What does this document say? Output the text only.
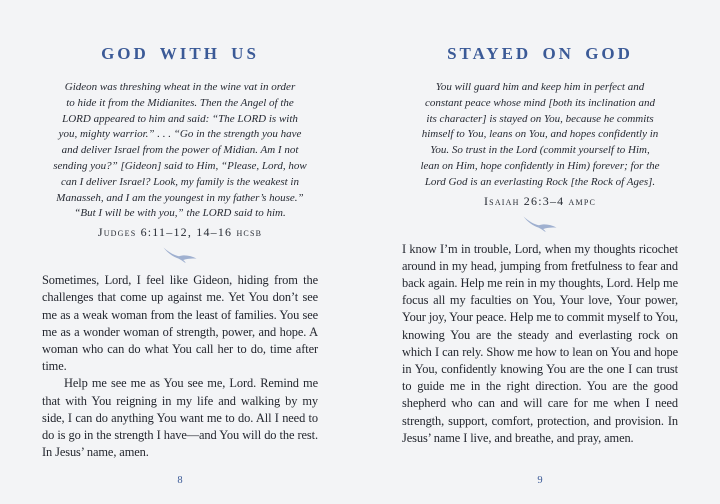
GOD WITH US
Gideon was threshing wheat in the wine vat in order
to hide it from the Midianites. Then the Angel of the
LORD appeared to him and said: “The LORD is with
you, mighty warrior.” . . . “Go in the strength you have
and deliver Israel from the power of Midian. Am I not
sending you?” [Gideon] said to Him, “Please, Lord, how
can I deliver Israel? Look, my family is the weakest in
Manasseh, and I am the youngest in my father’s house.”
“But I will be with you,” the LORD said to him.
Judges 6:11–12, 14–16 hcsb

Sometimes, Lord, I feel like Gideon, hiding from the challenges that come up against me. Yet You don’t see me as a weak woman from the least of families. You see me as a wonder woman of strength, power, and hope. A woman who can do what You call her to do, time after time.

Help me see me as You see me, Lord. Remind me that with You reigning in my life and walking by my side, I can do anything You want me to do. All I need to do is go in the strength I have—and You will do the rest. In Jesus’ name, amen.

8
STAYED ON GOD
You will guard him and keep him in perfect and
constant peace whose mind [both its inclination and
its character] is stayed on You, because he commits
himself to You, leans on You, and hopes confidently in
You. So trust in the Lord (commit yourself to Him,
lean on Him, hope confidently in Him) forever; for the
Lord God is an everlasting Rock [the Rock of Ages].
Isaiah 26:3–4 ampc

I know I’m in trouble, Lord, when my thoughts ricochet around in my head, jumping from fretfulness to fear and back again. Help me rein in my thoughts, Lord. Help me focus all my faculties on You, Your love, Your power, Your joy, Your peace. Help me to commit myself to You, knowing You are the steady and everlasting rock on which I can rely. Show me how to lean on You and hope in You, confidently knowing You are the one I can trust to guide me in the right direction. You are the good shepherd who can and will care for me when I need strength, support, comfort, protection, and provision. In Jesus’ name I live, and breathe, and pray, amen.

9
